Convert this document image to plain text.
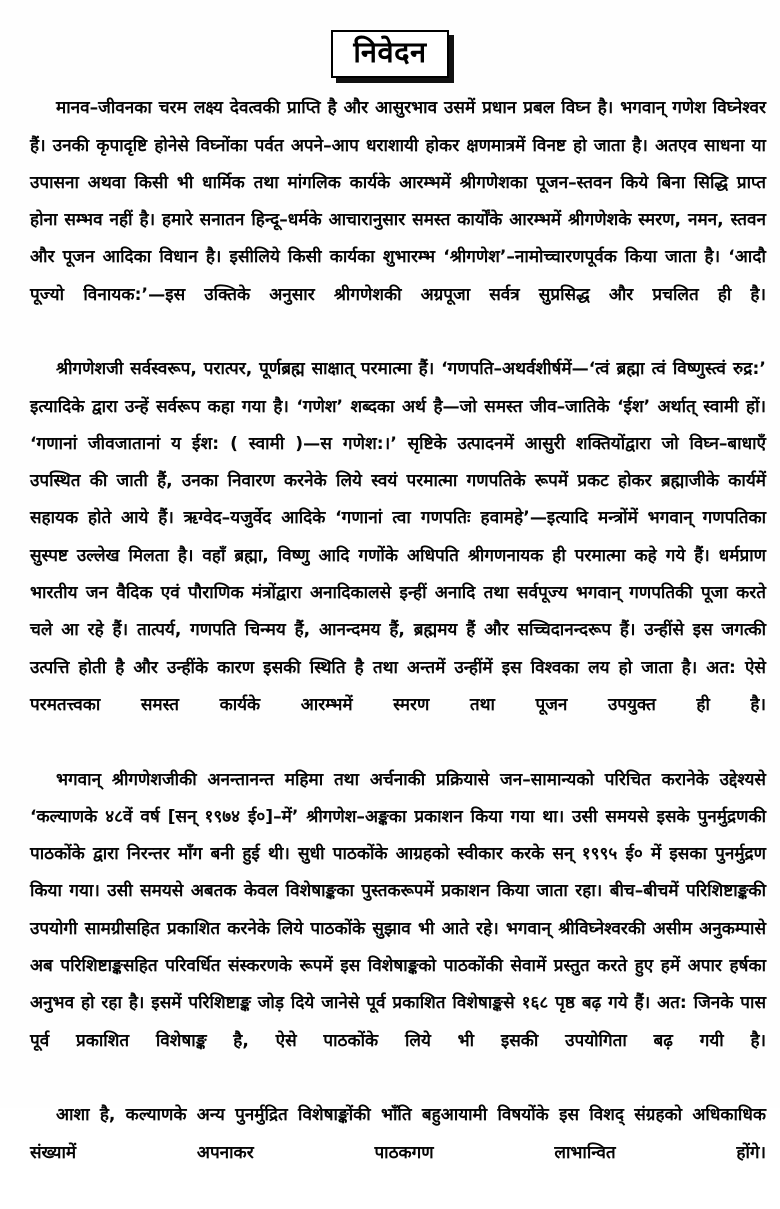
निवेदन

मानव–जीवनका चरम लक्ष्य देवत्वकी प्राप्ति है और आसुरभाव उसमें प्रधान प्रबल विघ्न है। भगवान् गणेश विघ्नेश्वर हैं। उनकी कृपादृष्टि होनेसे विघ्नोंका पर्वत अपने–आप धराशायी होकर क्षणमात्रमें विनष्ट हो जाता है। अतएव साधना या उपासना अथवा किसी भी धार्मिक तथा मांगलिक कार्यके आरम्भमें श्रीगणेशका पूजन–स्तवन किये बिना सिद्धि प्राप्त होना सम्भव नहीं है। हमारे सनातन हिन्दू–धर्मके आचारानुसार समस्त कार्योंके आरम्भमें श्रीगणेशके स्मरण, नमन, स्तवन और पूजन आदिका विधान है। इसीलिये किसी कार्यका शुभारम्भ ‘श्रीगणेश’–नामोच्चारणपूर्वक किया जाता है। ‘आदौ पूज्यो विनायक:’—इस उक्तिके अनुसार श्रीगणेशकी अग्रपूजा सर्वत्र सुप्रसिद्ध और प्रचलित ही है।

श्रीगणेशजी सर्वस्वरूप, परात्पर, पूर्णब्रह्म साक्षात् परमात्मा हैं। ‘गणपति–अथर्वशीर्षमें—‘त्वं ब्रह्मा त्वं विष्णुस्त्वं रुद्र:’ इत्यादिके द्वारा उन्हें सर्वरूप कहा गया है। ‘गणेश’ शब्दका अर्थ है—जो समस्त जीव–जातिके ‘ईश’ अर्थात् स्वामी हों। ‘गणानां जीवजातानां य ईश: ( स्वामी )—स गणेश:।’ सृष्टिके उत्पादनमें आसुरी शक्तियोंद्वारा जो विघ्न–बाधाएँ उपस्थित की जाती हैं, उनका निवारण करनेके लिये स्वयं परमात्मा गणपतिके रूपमें प्रकट होकर ब्रह्माजीके कार्यमें सहायक होते आये हैं। ऋग्वेद–यजुर्वेद आदिके ‘गणानां त्वा गणपतिः हवामहे’—इत्यादि मन्त्रोंमें भगवान् गणपतिका सुस्पष्ट उल्लेख मिलता है। वहाँ ब्रह्मा, विष्णु आदि गणोंके अधिपति श्रीगणनायक ही परमात्मा कहे गये हैं। धर्मप्राण भारतीय जन वैदिक एवं पौराणिक मंत्रोंद्वारा अनादिकालसे इन्हीं अनादि तथा सर्वपूज्य भगवान् गणपतिकी पूजा करते चले आ रहे हैं। तात्पर्य, गणपति चिन्मय हैं, आनन्दमय हैं, ब्रह्ममय हैं और सच्चिदानन्दरूप हैं। उन्हींसे इस जगत्की उत्पत्ति होती है और उन्हींके कारण इसकी स्थिति है तथा अन्तमें उन्हींमें इस विश्वका लय हो जाता है। अत: ऐसे परमतत्त्वका समस्त कार्यके आरम्भमें स्मरण तथा पूजन उपयुक्त ही है।

भगवान् श्रीगणेशजीकी अनन्तानन्त महिमा तथा अर्चनाकी प्रक्रियासे जन–सामान्यको परिचित करानेके उद्देश्यसे ‘कल्याणके ४८वें वर्ष [सन् १९७४ ई०]–में’ श्रीगणेश–अङ्कका प्रकाशन किया गया था। उसी समयसे इसके पुनर्मुद्रणकी पाठकोंके द्वारा निरन्तर माँग बनी हुई थी। सुधी पाठकोंके आग्रहको स्वीकार करके सन् १९९५ ई० में इसका पुनर्मुद्रण किया गया। उसी समयसे अबतक केवल विशेषाङ्कका पुस्तकरूपमें प्रकाशन किया जाता रहा। बीच–बीचमें परिशिष्टाङ्ककी उपयोगी सामग्रीसहित प्रकाशित करनेके लिये पाठकोंके सुझाव भी आते रहे। भगवान् श्रीविघ्नेश्वरकी असीम अनुकम्पासे अब परिशिष्टाङ्कसहित परिवर्धित संस्करणके रूपमें इस विशेषाङ्कको पाठकोंकी सेवामें प्रस्तुत करते हुए हमें अपार हर्षका अनुभव हो रहा है। इसमें परिशिष्टाङ्क जोड़ दिये जानेसे पूर्व प्रकाशित विशेषाङ्कसे १६८ पृष्ठ बढ़ गये हैं। अत: जिनके पास पूर्व प्रकाशित विशेषाङ्क है, ऐसे पाठकोंके लिये भी इसकी उपयोगिता बढ़ गयी है।

आशा है, कल्याणके अन्य पुनर्मुद्रित विशेषाङ्कोंकी भाँति बहुआयामी विषयोंके इस विशद् संग्रहको अधिकाधिक संख्यामें अपनाकर पाठकगण लाभान्वित होंगे।
